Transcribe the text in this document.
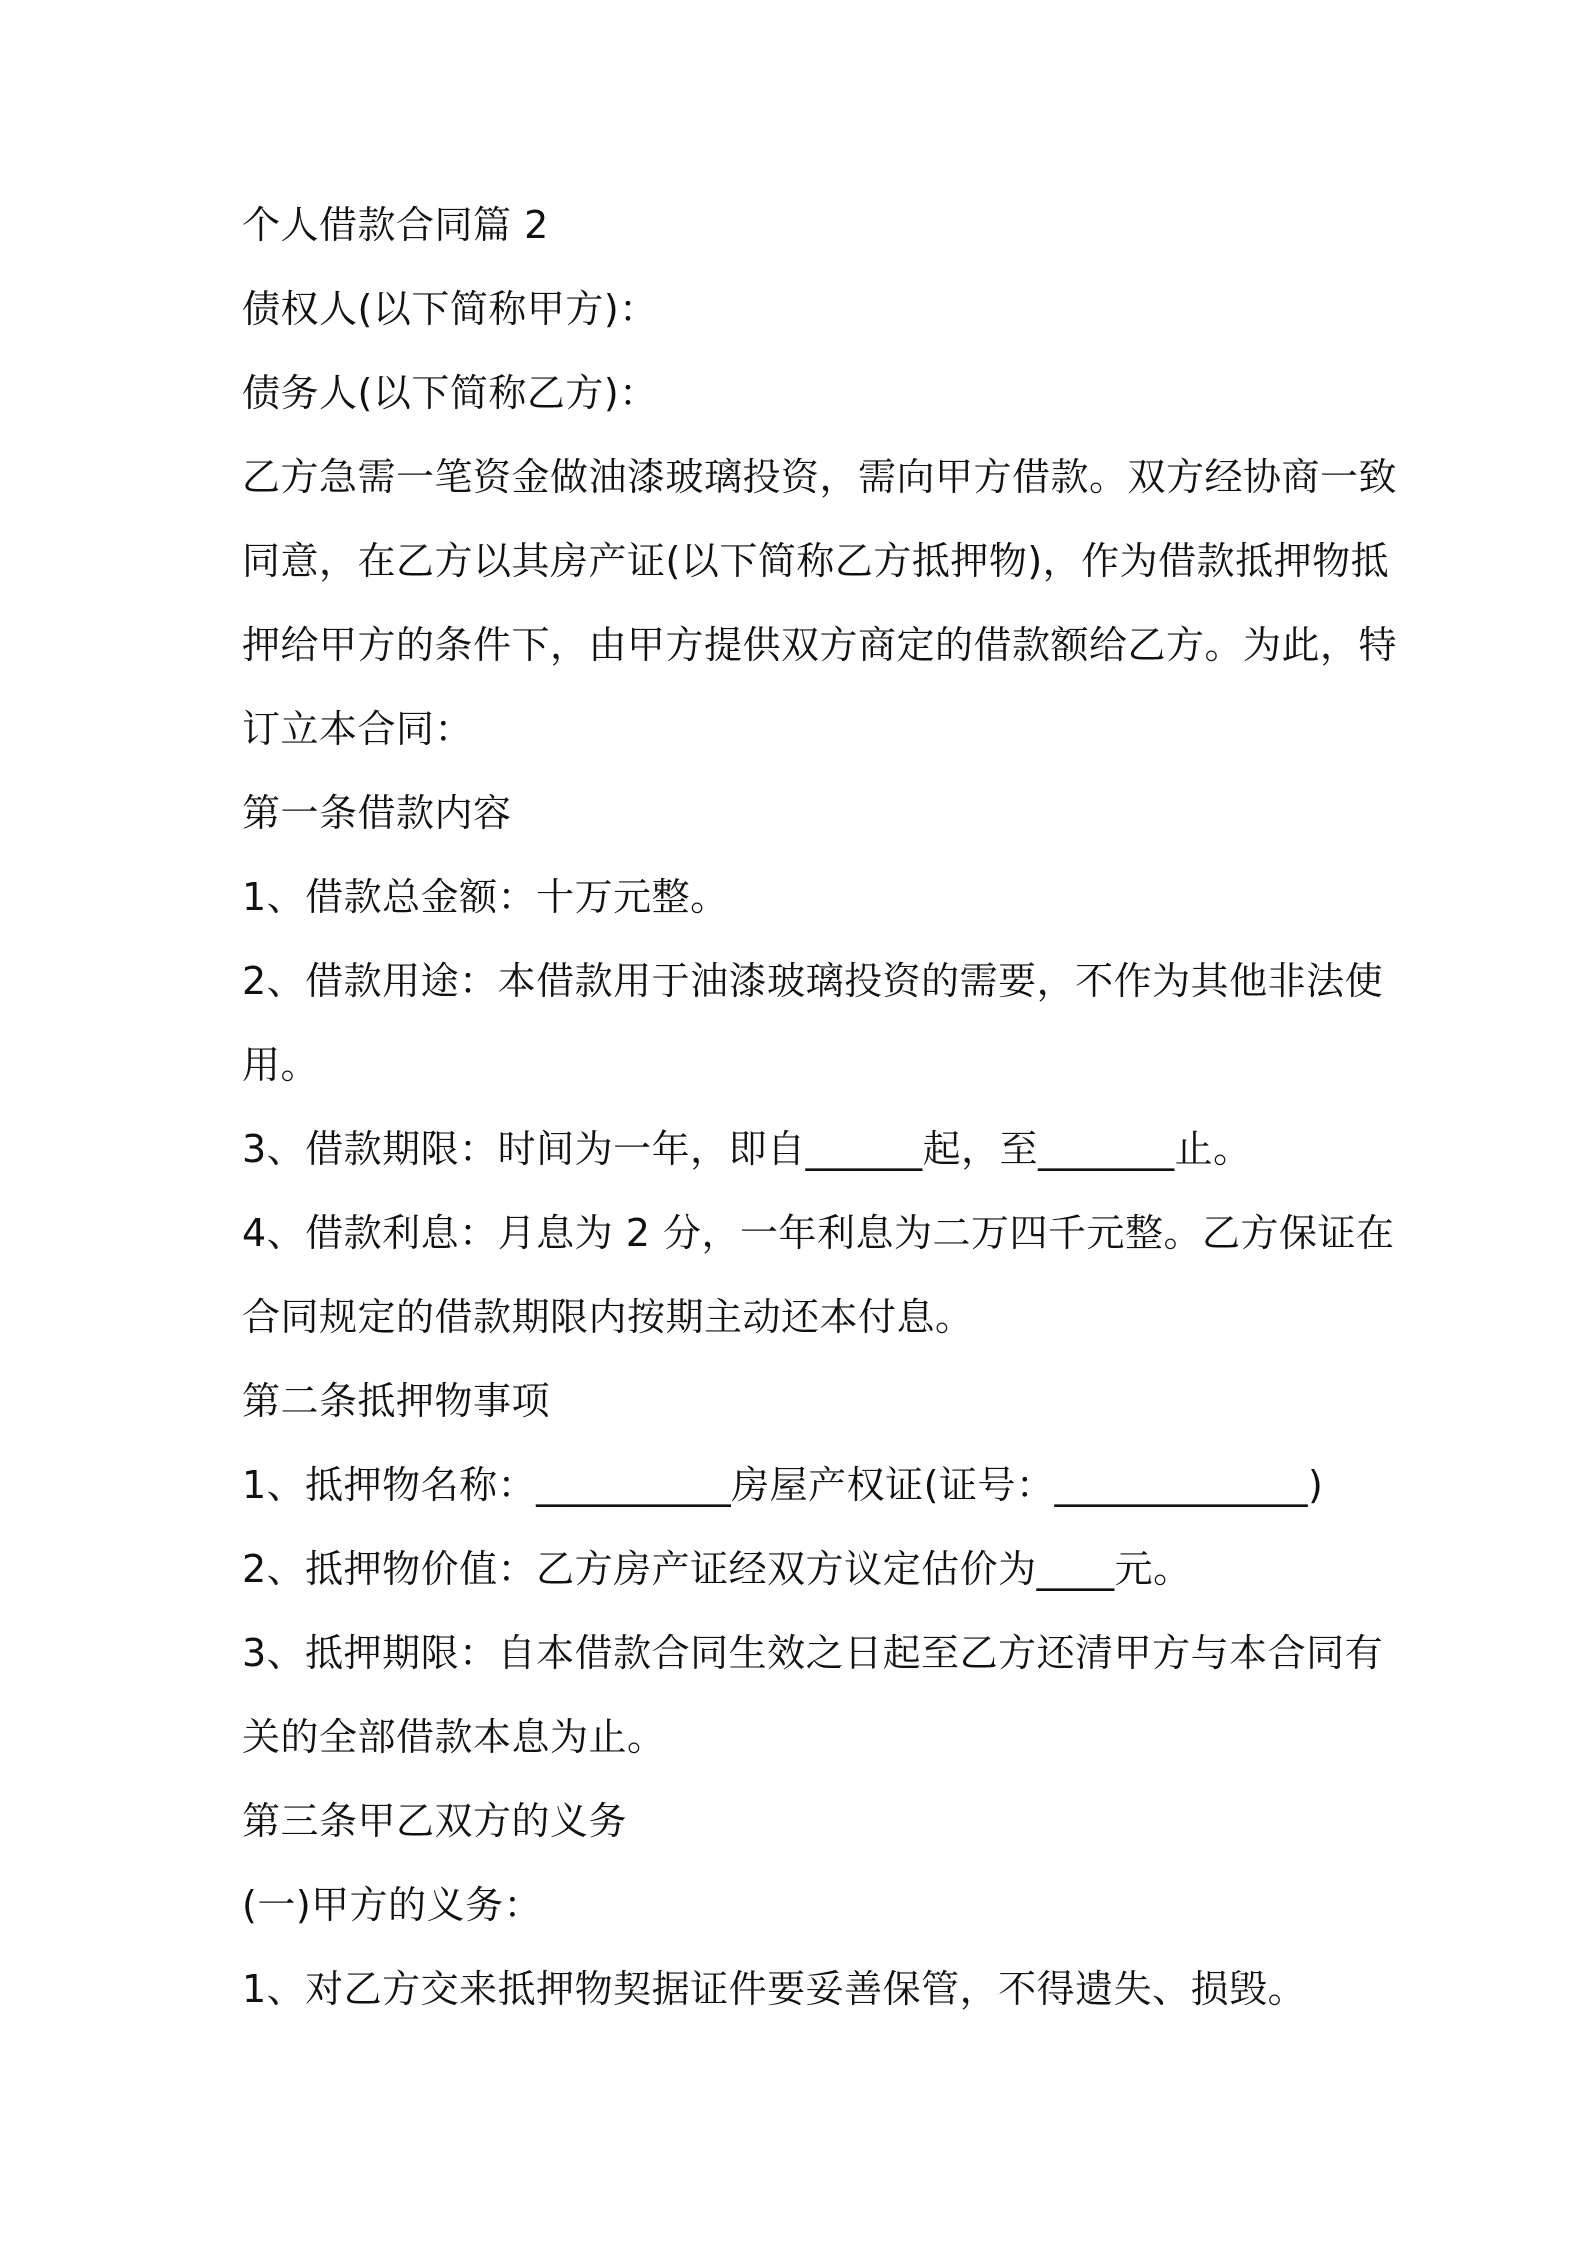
个人借款合同篇 2
债权人(以下简称甲方)：
债务人(以下简称乙方)：
乙方急需一笔资金做油漆玻璃投资，需向甲方借款。双方经协商一致
同意，在乙方以其房产证(以下简称乙方抵押物)，作为借款抵押物抵
押给甲方的条件下，由甲方提供双方商定的借款额给乙方。为此，特
订立本合同：
第一条借款内容
1、借款总金额：十万元整。
2、借款用途：本借款用于油漆玻璃投资的需要，不作为其他非法使
用。
3、借款期限：时间为一年，即自______起，至_______止。
4、借款利息：月息为 2 分，一年利息为二万四千元整。乙方保证在
合同规定的借款期限内按期主动还本付息。
第二条抵押物事项
1、抵押物名称：__________房屋产权证(证号：_____________)
2、抵押物价值：乙方房产证经双方议定估价为____元。
3、抵押期限：自本借款合同生效之日起至乙方还清甲方与本合同有
关的全部借款本息为止。
第三条甲乙双方的义务
(一)甲方的义务：
1、对乙方交来抵押物契据证件要妥善保管，不得遗失、损毁。
